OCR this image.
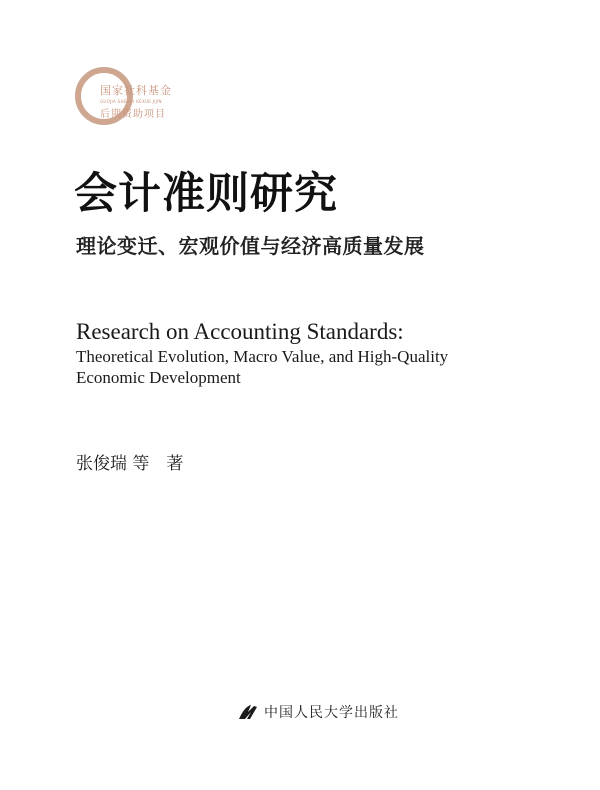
国家社科基金
GUOJIA SHEHUI KEXUE JIJIN
后期资助项目
会计准则研究
理论变迁、宏观价值与经济高质量发展
Research on Accounting Standards:
Theoretical Evolution, Macro Value, and High-Quality
Economic Development
张俊瑞 等　著
中国人民大学出版社
